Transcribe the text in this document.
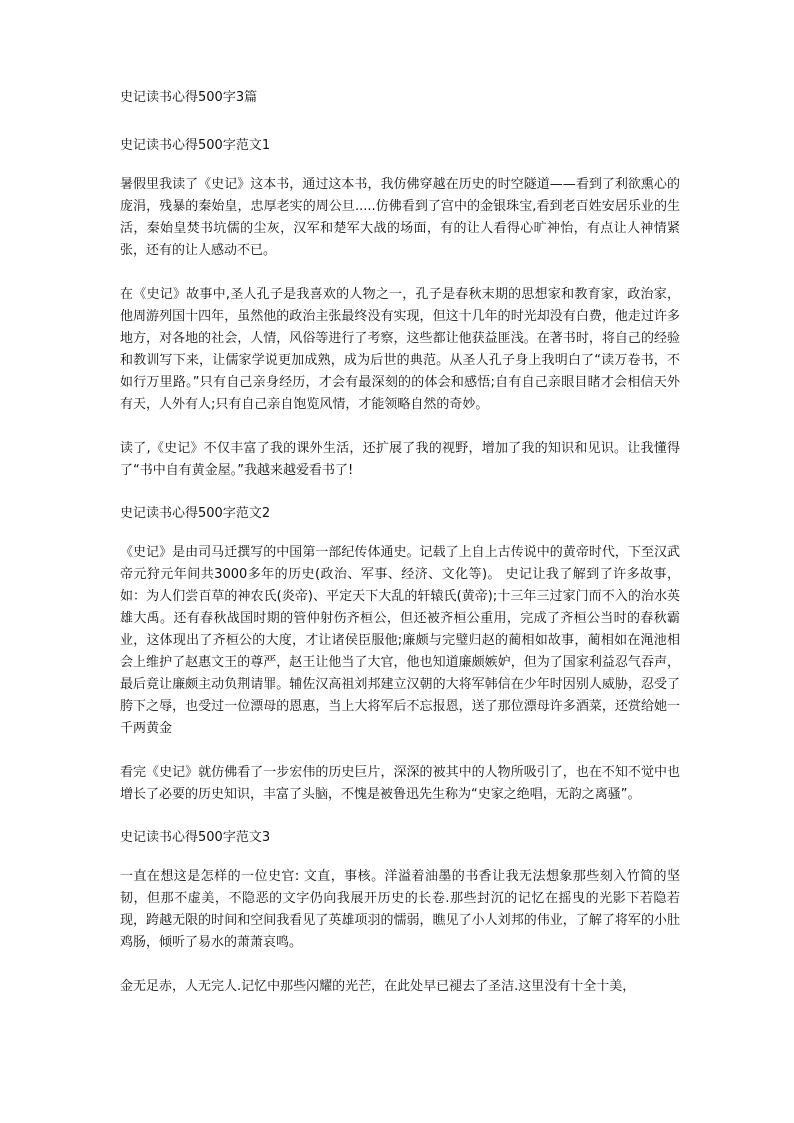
史记读书心得500字3篇
史记读书心得500字范文1

暑假里我读了《史记》这本书，通过这本书，我仿佛穿越在历史的时空隧道——看到了利欲熏心的庞涓，残暴的秦始皇，忠厚老实的周公旦.....仿佛看到了宫中的金银珠宝,看到老百姓安居乐业的生活，秦始皇焚书坑儒的尘灰，汉军和楚军大战的场面，有的让人看得心旷神怡，有点让人神情紧张，还有的让人感动不已。

在《史记》故事中,圣人孔子是我喜欢的人物之一，孔子是春秋末期的思想家和教育家，政治家，他周游列国十四年，虽然他的政治主张最终没有实现，但这十几年的时光却没有白费，他走过许多地方，对各地的社会，人情，风俗等进行了考察，这些都让他获益匪浅。在著书时，将自己的经验和教训写下来，让儒家学说更加成熟，成为后世的典范。从圣人孔子身上我明白了“读万卷书，不如行万里路。”只有自己亲身经历，才会有最深刻的的体会和感悟;自有自己亲眼目睹才会相信天外有天，人外有人;只有自己亲自饱览风情，才能领略自然的奇妙。

读了,《史记》不仅丰富了我的课外生活，还扩展了我的视野，增加了我的知识和见识。让我懂得了“书中自有黄金屋。”我越来越爱看书了!

史记读书心得500字范文2

《史记》是由司马迁撰写的中国第一部纪传体通史。记载了上自上古传说中的黄帝时代，下至汉武帝元狩元年间共3000多年的历史(政治、军事、经济、文化等)。 史记让我了解到了许多故事，如：为人们尝百草的神农氏(炎帝)、平定天下大乱的轩辕氏(黄帝);十三年三过家门而不入的治水英雄大禹。还有春秋战国时期的管仲射伤齐桓公，但还被齐桓公重用，完成了齐桓公当时的春秋霸业，这体现出了齐桓公的大度，才让诸侯臣服他;廉颇与完璧归赵的蔺相如故事，蔺相如在渑池相会上维护了赵惠文王的尊严，赵王让他当了大官，他也知道廉颇嫉妒，但为了国家利益忍气吞声，最后竟让廉颇主动负荆请罪。辅佐汉高祖刘邦建立汉朝的大将军韩信在少年时因别人威胁，忍受了胯下之辱，也受过一位漂母的恩惠，当上大将军后不忘报恩，送了那位漂母许多酒菜，还赏给她一千两黄金

看完《史记》就仿佛看了一步宏伟的历史巨片，深深的被其中的人物所吸引了，也在不知不觉中也增长了必要的历史知识，丰富了头脑，不愧是被鲁迅先生称为“史家之绝唱，无韵之离骚”。

史记读书心得500字范文3

一直在想这是怎样的一位史官: 文直，事核。洋溢着油墨的书香让我无法想象那些刻入竹简的坚韧，但那不虚美，不隐恶的文字仍向我展开历史的长卷.那些封沉的记忆在摇曳的光影下若隐若现，跨越无限的时间和空间我看见了英雄项羽的懦弱，瞧见了小人刘邦的伟业，了解了将军的小肚鸡肠，倾听了易水的萧萧哀鸣。

金无足赤，人无完人.记忆中那些闪耀的光芒，在此处早已褪去了圣洁.这里没有十全十美，
